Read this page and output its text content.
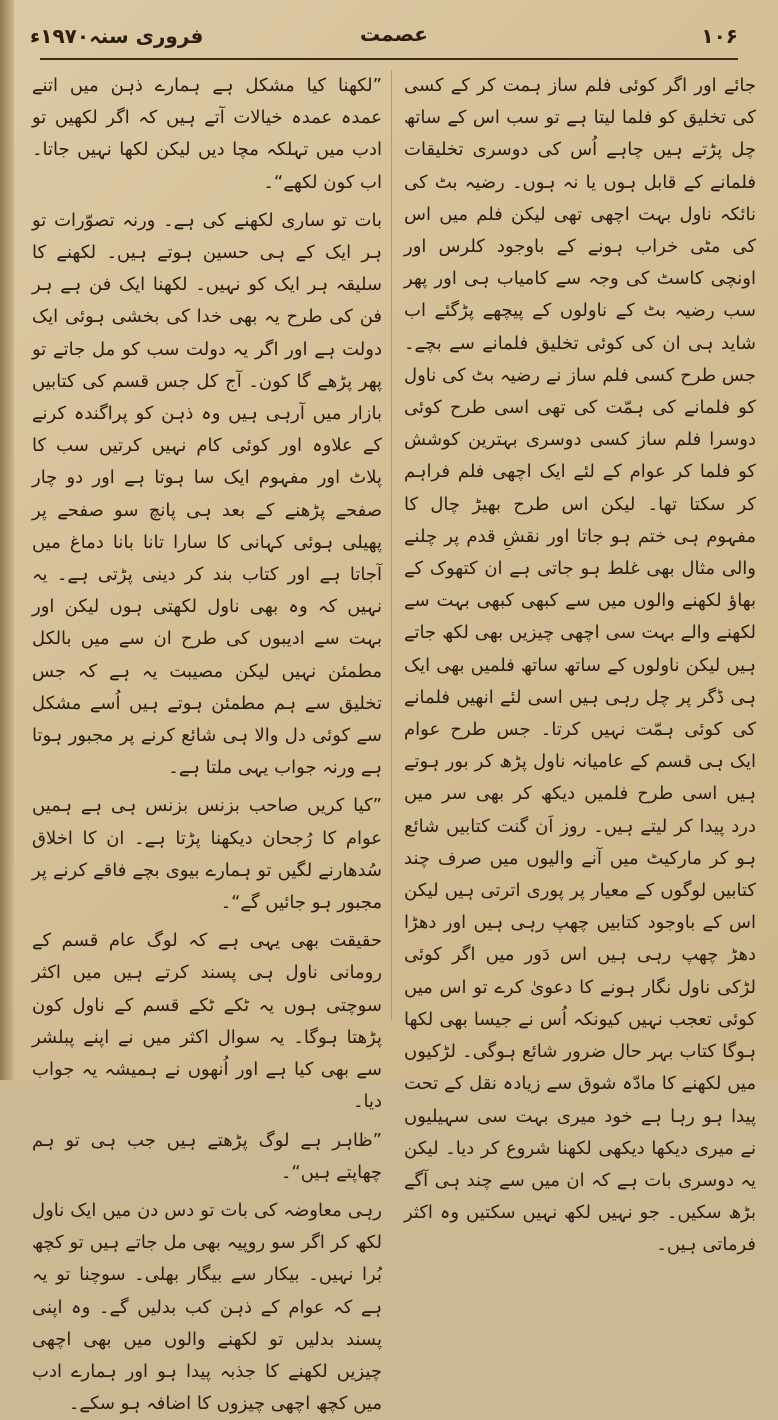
فروری سنہ۱۹۷۰ء	عصمت	۱۰۶

جائے اور اگر کوئی فلم ساز ہمت کر کے کسی کی تخلیق کو فلما لیتا ہے تو سب اس کے ساتھ چل پڑتے ہیں چاہے اُس کی دوسری تخلیقات فلمانے کے قابل ہوں یا نہ ہوں۔ رضیہ بٹ کی نائکہ ناول بہت اچھی تھی لیکن فلم میں اس کی مٹی خراب ہونے کے باوجود کلرس اور اونچی کاسٹ کی وجہ سے کامیاب ہی اور پھر سب رضیہ بٹ کے ناولوں کے پیچھے پڑگئے اب شاید ہی ان کی کوئی تخلیق فلمانے سے بچے۔ جس طرح کسی فلم ساز نے رضیہ بٹ کی ناول کو فلمانے کی ہمّت کی تھی اسی طرح کوئی دوسرا فلم ساز کسی دوسری بہترین کوشش کو فلما کر عوام کے لئے ایک اچھی فلم فراہم کر سکتا تھا۔ لیکن اس طرح بھیڑ چال کا مفہوم ہی ختم ہو جاتا اور نقشِ قدم پر چلنے والی مثال بھی غلط ہو جاتی ہے ان کتھوک کے بھاؤ لکھنے والوں میں سے کبھی کبھی بہت سے لکھنے والے بہت سی اچھی چیزیں بھی لکھ جاتے ہیں لیکن ناولوں کے ساتھ ساتھ فلمیں بھی ایک ہی ڈگر پر چل رہی ہیں اسی لئے انھیں فلمانے کی کوئی ہمّت نہیں کرتا۔ جس طرح عوام ایک ہی قسم کے عامیانہ ناول پڑھ کر بور ہوتے ہیں اسی طرح فلمیں دیکھ کر بھی سر میں درد پیدا کر لیتے ہیں۔ روز اَن گنت کتابیں شائع ہو کر مارکیٹ میں آنے والیوں میں صرف چند کتابیں لوگوں کے معیار پر پوری اترتی ہیں لیکن اس کے باوجود کتابیں چھپ رہی ہیں اور دھڑا دھڑ چھپ رہی ہیں اس دَور میں اگر کوئی لڑکی ناول نگار ہونے کا دعویٰ کرے تو اس میں کوئی تعجب نہیں کیونکہ اُس نے جیسا بھی لکھا ہوگا کتاب بہر حال ضرور شائع ہوگی۔ لڑکیوں میں لکھنے کا مادّہ شوق سے زیادہ نقل کے تحت پیدا ہو رہا ہے خود میری بہت سی سہیلیوں نے میری دیکھا دیکھی لکھنا شروع کر دیا۔ لیکن یہ دوسری بات ہے کہ ان میں سے چند ہی آگے بڑھ سکیں۔ جو نہیں لکھ نہیں سکتیں وہ اکثر فرماتی ہیں۔

”لکھنا کیا مشکل ہے ہمارے ذہن میں اتنے عمدہ عمدہ خیالات آتے ہیں کہ اگر لکھیں تو ادب میں تہلکہ مچا دیں لیکن لکھا نہیں جاتا۔ اب کون لکھے“۔

بات تو ساری لکھنے کی ہے۔ ورنہ تصوّرات تو ہر ایک کے ہی حسین ہوتے ہیں۔ لکھنے کا سلیقہ ہر ایک کو نہیں۔ لکھنا ایک فن ہے ہر فن کی طرح یہ بھی خدا کی بخشی ہوئی ایک دولت ہے اور اگر یہ دولت سب کو مل جاتے تو پھر پڑھے گا کون۔ آج کل جس قسم کی کتابیں بازار میں آرہی ہیں وہ ذہن کو پراگندہ کرنے کے علاوہ اور کوئی کام نہیں کرتیں سب کا پلاٹ اور مفہوم ایک سا ہوتا ہے اور دو چار صفحے پڑھنے کے بعد ہی پانچ سو صفحے پر پھیلی ہوئی کہانی کا سارا تانا بانا دماغ میں آجاتا ہے اور کتاب بند کر دینی پڑتی ہے۔ یہ نہیں کہ وہ بھی ناول لکھتی ہوں لیکن اور بہت سے ادیبوں کی طرح ان سے میں بالکل مطمئن نہیں لیکن مصیبت یہ ہے کہ جس تخلیق سے ہم مطمئن ہوتے ہیں اُسے مشکل سے کوئی دل والا ہی شائع کرنے پر مجبور ہوتا ہے ورنہ جواب یہی ملتا ہے۔

”کیا کریں صاحب بزنس بزنس ہی ہے ہمیں عوام کا رُجحان دیکھنا پڑتا ہے۔ ان کا اخلاق سُدھارنے لگیں تو ہمارے بیوی بچے فاقے کرنے پر مجبور ہو جائیں گے“۔

حقیقت بھی یہی ہے کہ لوگ عام قسم کے رومانی ناول ہی پسند کرتے ہیں میں اکثر سوچتی ہوں یہ ٹکے ٹکے قسم کے ناول کون پڑھتا ہوگا۔ یہ سوال اکثر میں نے اپنے پبلشر سے بھی کیا ہے اور اُنھوں نے ہمیشہ یہ جواب دیا۔

”ظاہر ہے لوگ پڑھتے ہیں جب ہی تو ہم چھاپتے ہیں“۔

رہی معاوضہ کی بات تو دس دن میں ایک ناول لکھ کر اگر سو روپیہ بھی مل جاتے ہیں تو کچھ بُرا نہیں۔ بیکار سے بیگار بھلی۔ سوچنا تو یہ ہے کہ عوام کے ذہن کب بدلیں گے۔ وہ اپنی پسند بدلیں تو لکھنے والوں میں بھی اچھی چیزیں لکھنے کا جذبہ پیدا ہو اور ہمارے ادب میں کچھ اچھی چیزوں کا اضافہ ہو سکے۔
